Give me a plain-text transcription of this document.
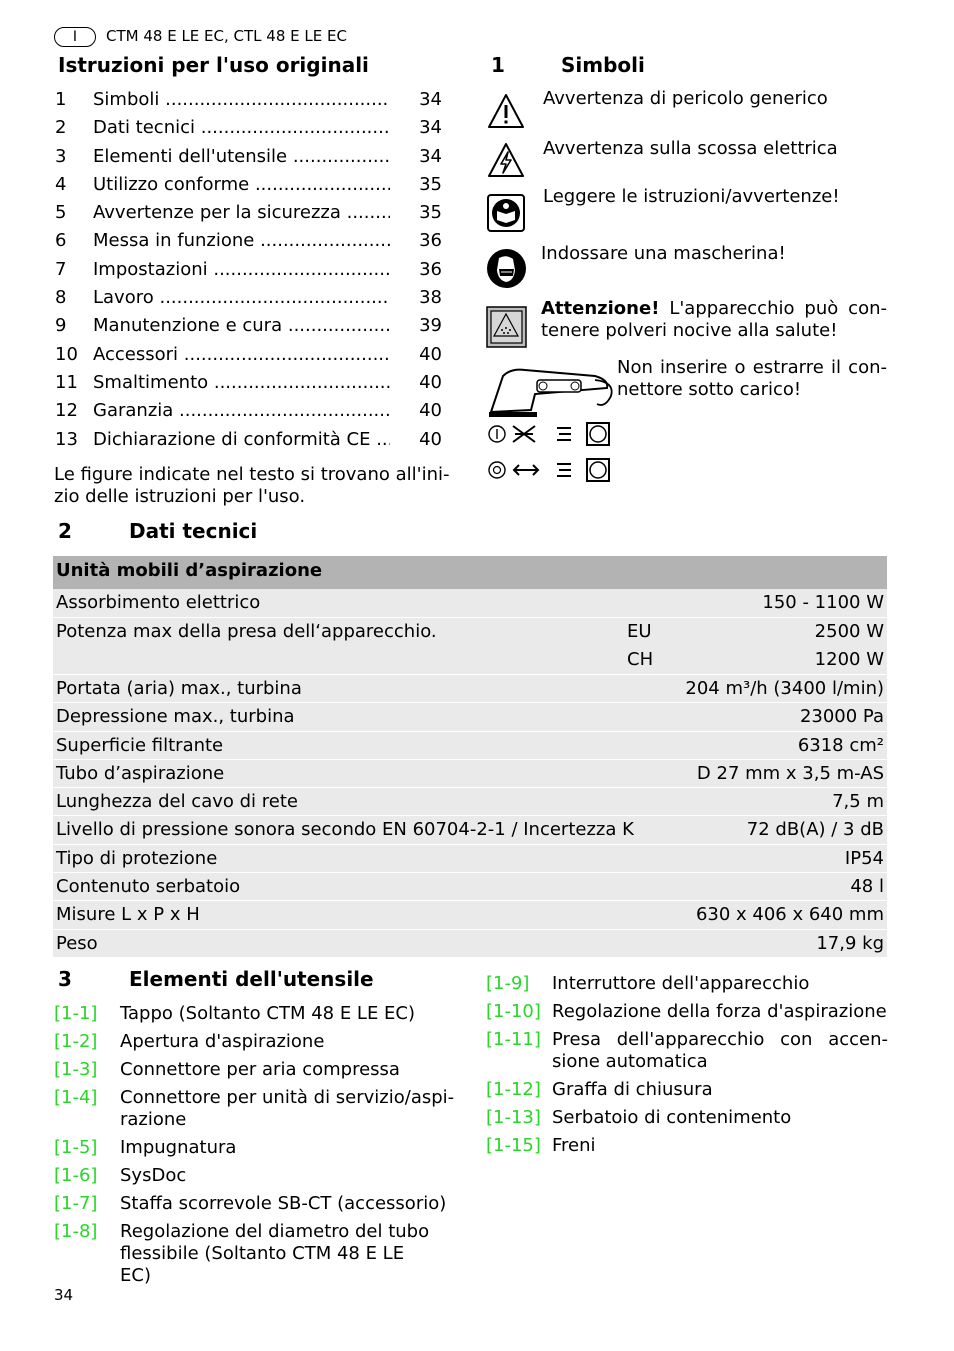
I	CTM 48 E LE EC, CTL 48 E LE EC
Istruzioni per l'uso originali
1 Simboli .....	34
2 Dati tecnici .....	34
3 Elementi dell'utensile .....	34
4 Utilizzo conforme .....	35
5 Avvertenze per la sicurezza .....	35
6 Messa in funzione .....	36
7 Impostazioni .....	36
8 Lavoro .....	38
9 Manutenzione e cura .....	39
10 Accessori .....	40
11 Smaltimento .....	40
12 Garanzia .....	40
13 Dichiarazione di conformità CE .....	40
Le figure indicate nel testo si trovano all'ini-
zio delle istruzioni per l'uso.
1	Simboli
Avvertenza di pericolo generico
Avvertenza sulla scossa elettrica
Leggere le istruzioni/avvertenze!
Indossare una mascherina!
Attenzione! L'apparecchio può con-
tenere polveri nocive alla salute!
Non inserire o estrarre il con-
nettore sotto carico!
2	Dati tecnici
Unità mobili d’aspirazione
Assorbimento elettrico	150 - 1100 W
Potenza max della presa dell‘apparecchio.	EU	2500 W
CH	1200 W
Portata (aria) max., turbina	204 m³/h (3400 l/min)
Depressione max., turbina	23000 Pa
Superficie filtrante	6318 cm²
Tubo d’aspirazione	D 27 mm x 3,5 m-AS
Lunghezza del cavo di rete	7,5 m
Livello di pressione sonora secondo EN 60704-2-1 / Incertezza K	72 dB(A) / 3 dB
Tipo di protezione	IP54
Contenuto serbatoio	48 l
Misure L x P x H	630 x 406 x 640 mm
Peso	17,9 kg
3	Elementi dell'utensile
[1-1]	Tappo (Soltanto CTM 48 E LE EC)
[1-2]	Apertura d'aspirazione
[1-3]	Connettore per aria compressa
[1-4]	Connettore per unità di servizio/aspi-razione
[1-5]	Impugnatura
[1-6]	SysDoc
[1-7]	Staffa scorrevole SB-CT (accessorio)
[1-8]	Regolazione del diametro del tubo flessibile (Soltanto CTM 48 E LE EC)
[1-9]	Interruttore dell'apparecchio
[1-10] Regolazione della forza d'aspirazione
[1-11] Presa dell'apparecchio con accen-sione automatica
[1-12] Graffa di chiusura
[1-13] Serbatoio di contenimento
[1-15] Freni
34
